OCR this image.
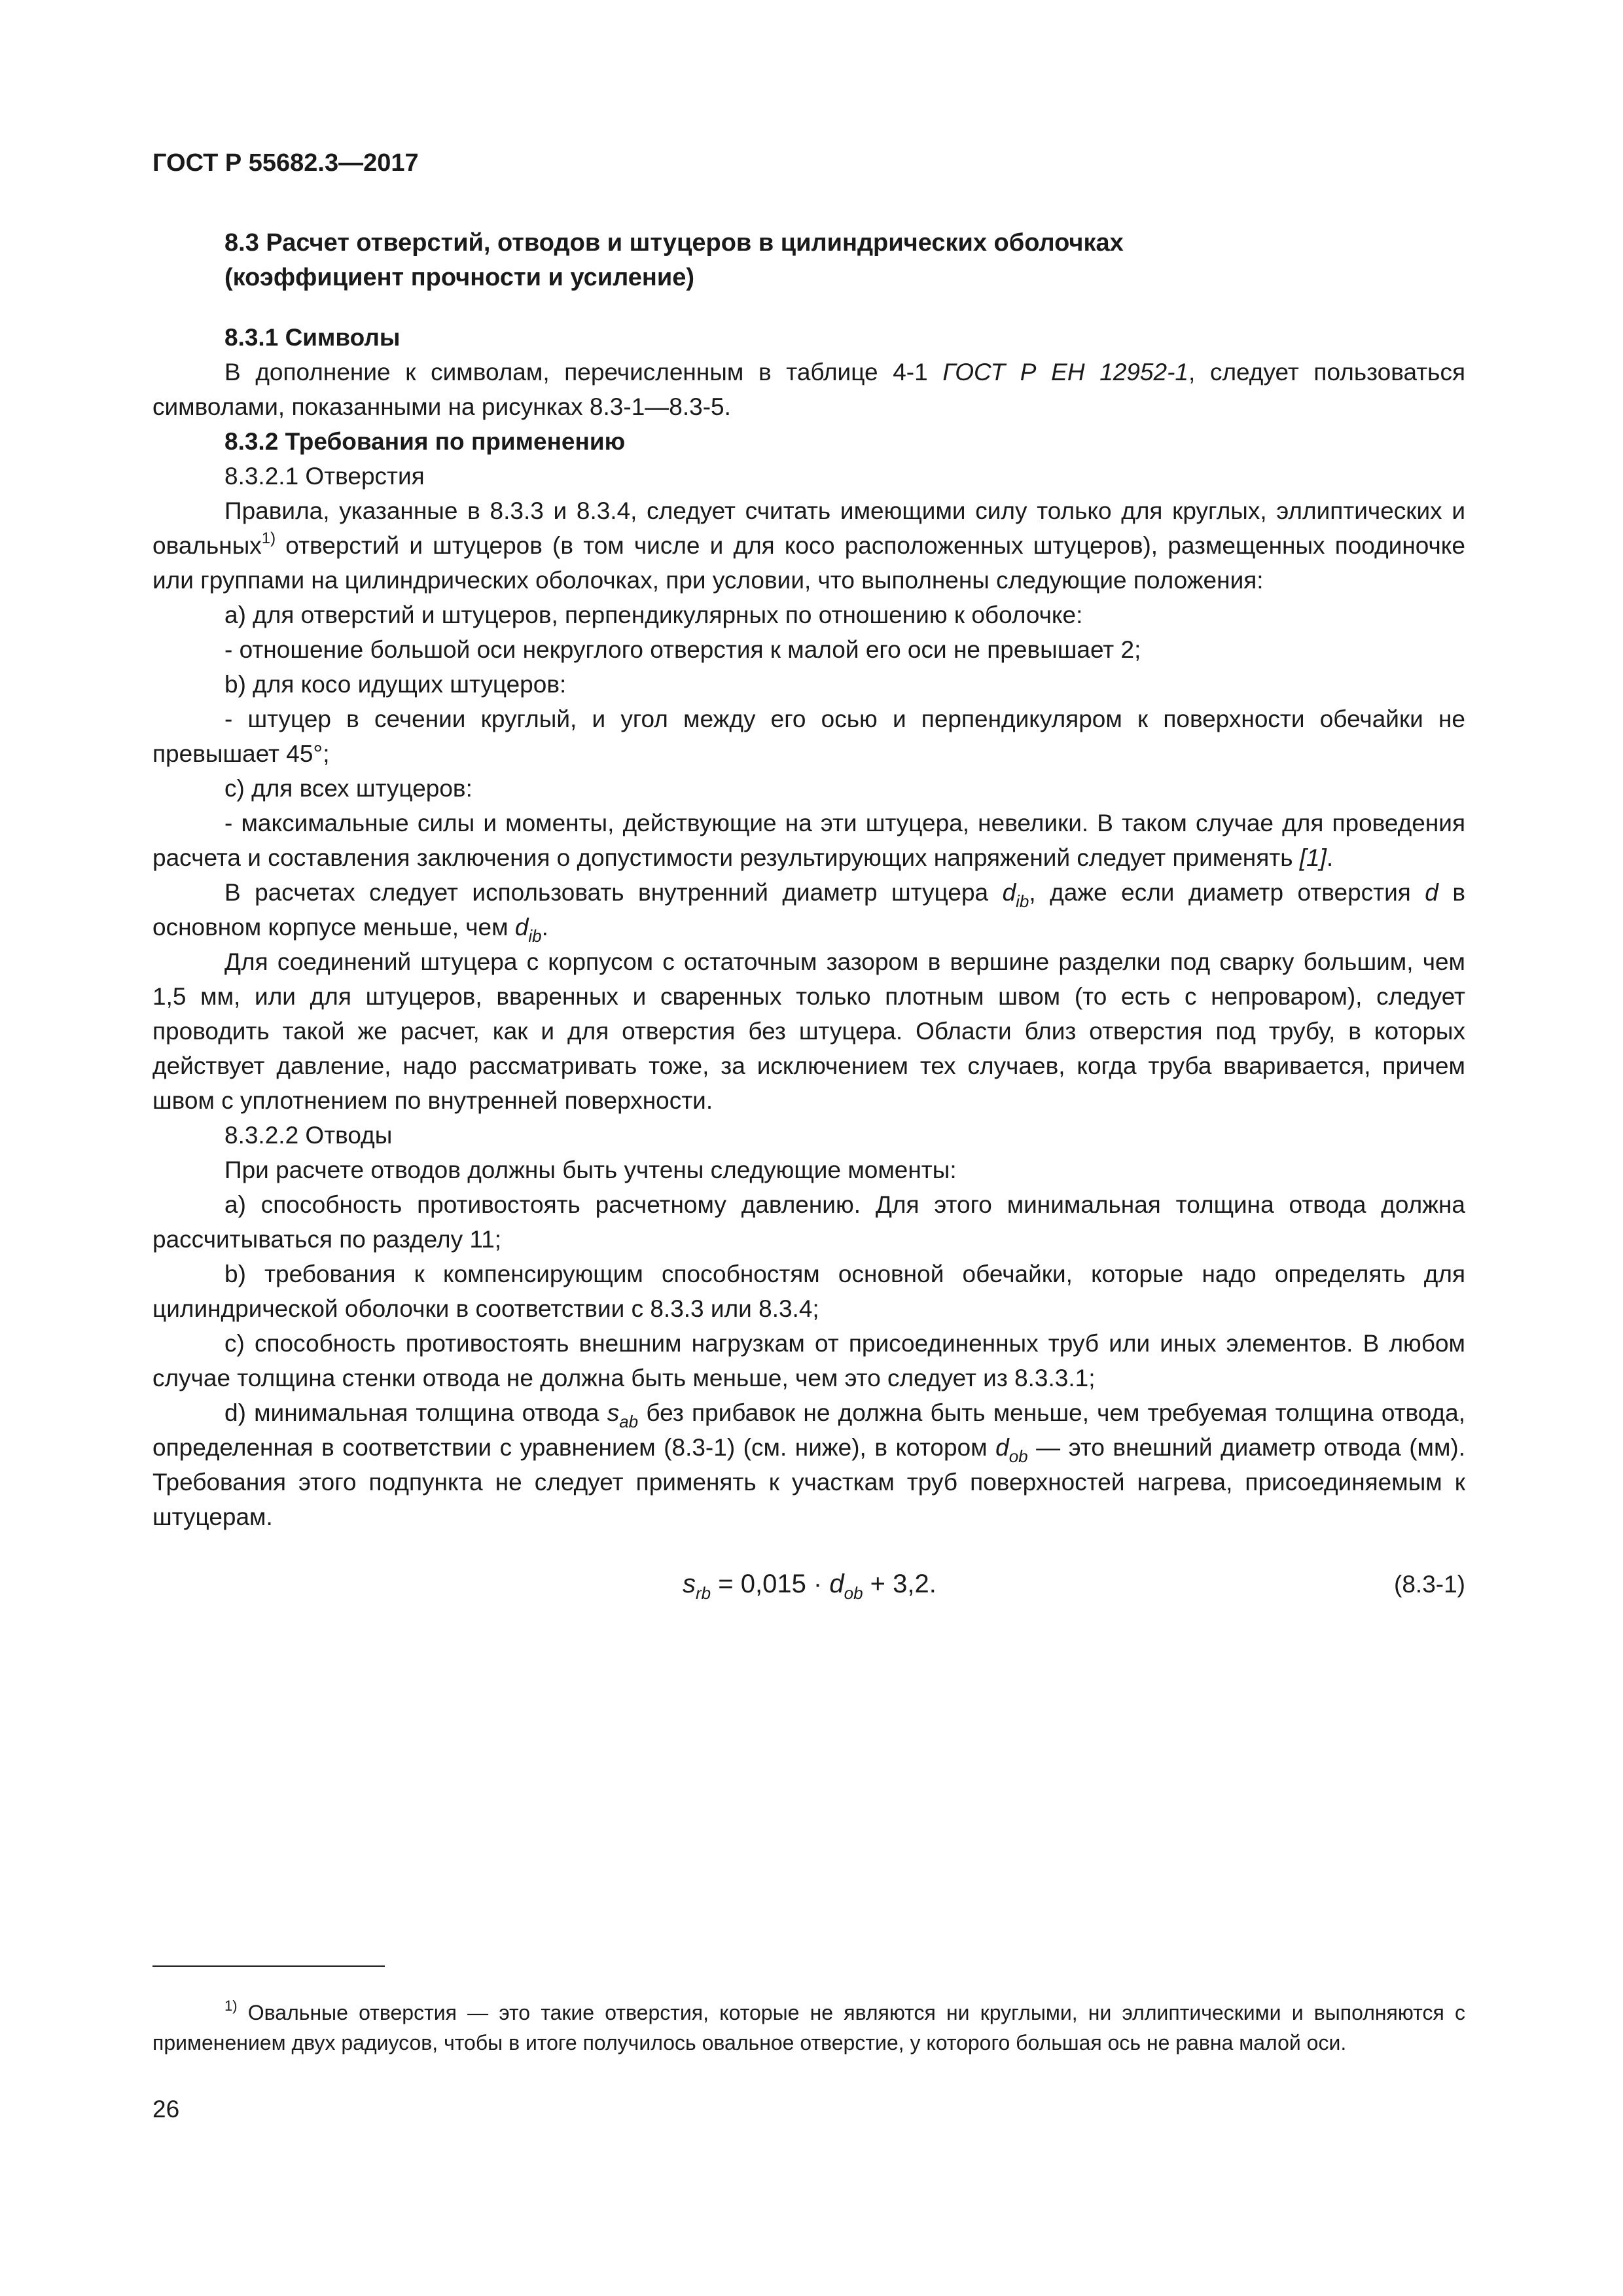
ГОСТ Р 55682.3—2017

8.3 Расчет отверстий, отводов и штуцеров в цилиндрических оболочках
(коэффициент прочности и усиление)

8.3.1 Символы

В дополнение к символам, перечисленным в таблице 4-1 ГОСТ Р ЕН 12952-1, следует пользоваться символами, показанными на рисунках 8.3-1—8.3-5.

8.3.2 Требования по применению

8.3.2.1 Отверстия

Правила, указанные в 8.3.3 и 8.3.4, следует считать имеющими силу только для круглых, эллиптических и овальных$^{1)}$ отверстий и штуцеров (в том числе и для косо расположенных штуцеров), размещенных поодиночке или группами на цилиндрических оболочках, при условии, что выполнены следующие положения:

a) для отверстий и штуцеров, перпендикулярных по отношению к оболочке:

- отношение большой оси некруглого отверстия к малой его оси не превышает 2;

b) для косо идущих штуцеров:

- штуцер в сечении круглый, и угол между его осью и перпендикуляром к поверхности обечайки не превышает 45°;

c) для всех штуцеров:

- максимальные силы и моменты, действующие на эти штуцера, невелики. В таком случае для проведения расчета и составления заключения о допустимости результирующих напряжений следует применять [1].

В расчетах следует использовать внутренний диаметр штуцера $d_{ib}$, даже если диаметр отверстия d в основном корпусе меньше, чем $d_{ib}$.

Для соединений штуцера с корпусом с остаточным зазором в вершине разделки под сварку большим, чем 1,5 мм, или для штуцеров, вваренных и сваренных только плотным швом (то есть с непроваром), следует проводить такой же расчет, как и для отверстия без штуцера. Области близ отверстия под трубу, в которых действует давление, надо рассматривать тоже, за исключением тех случаев, когда труба вваривается, причем швом с уплотнением по внутренней поверхности.

8.3.2.2 Отводы

При расчете отводов должны быть учтены следующие моменты:

a) способность противостоять расчетному давлению. Для этого минимальная толщина отвода должна рассчитываться по разделу 11;

b) требования к компенсирующим способностям основной обечайки, которые надо определять для цилиндрической оболочки в соответствии с 8.3.3 или 8.3.4;

c) способность противостоять внешним нагрузкам от присоединенных труб или иных элементов. В любом случае толщина стенки отвода не должна быть меньше, чем это следует из 8.3.3.1;

d) минимальная толщина отвода $s_{ab}$ без прибавок не должна быть меньше, чем требуемая толщина отвода, определенная в соответствии с уравнением (8.3-1) (см. ниже), в котором $d_{ob}$ — это внешний диаметр отвода (мм). Требования этого подпункта не следует применять к участкам труб поверхностей нагрева, присоединяемым к штуцерам.

$s_{rb} = 0,015 \cdot d_{ob} + 3,2$.	(8.3-1)

$^{1)}$ Овальные отверстия — это такие отверстия, которые не являются ни круглыми, ни эллиптическими и выполняются с применением двух радиусов, чтобы в итоге получилось овальное отверстие, у которого большая ось не равна малой оси.

26
